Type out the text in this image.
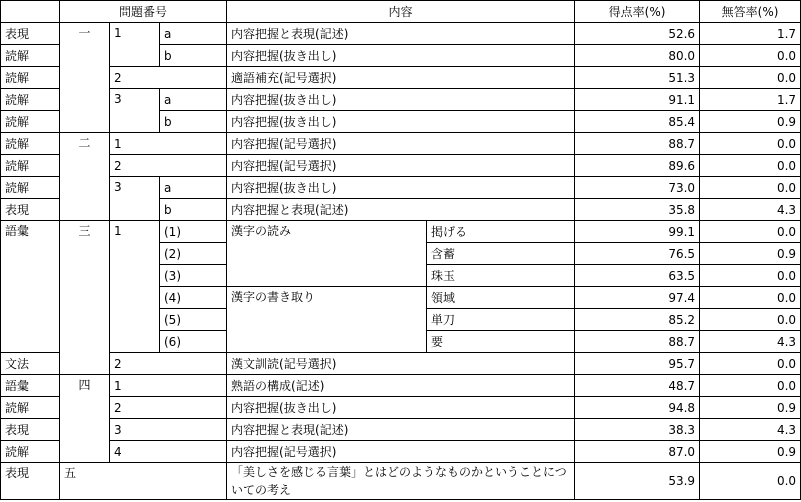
	問題番号			内容		得点率(%)	無答率(%)
表現	一	1	a	内容把握と表現(記述)		52.6	1.7
読解			b	内容把握(抜き出し)		80.0	0.0
読解		2		適語補充(記号選択)		51.3	0.0
読解		3	a	内容把握(抜き出し)		91.1	1.7
読解			b	内容把握(抜き出し)		85.4	0.9
読解	二	1		内容把握(記号選択)		88.7	0.0
読解		2		内容把握(記号選択)		89.6	0.0
読解		3	a	内容把握(抜き出し)		73.0	0.0
表現			b	内容把握と表現(記述)		35.8	4.3
語彙	三	1	(1)	漢字の読み	掲げる	99.1	0.0
			(2)		含蓄	76.5	0.9
			(3)		珠玉	63.5	0.0
			(4)	漢字の書き取り	領域	97.4	0.0
			(5)		単刀	85.2	0.0
			(6)		要	88.7	4.3
文法		2		漢文訓読(記号選択)		95.7	0.0
語彙	四	1		熟語の構成(記述)		48.7	0.0
読解		2		内容把握(抜き出し)		94.8	0.9
表現		3		内容把握と表現(記述)		38.3	4.3
読解		4		内容把握(記号選択)		87.0	0.9
表現	五			「美しさを感じる言葉」とはどのようなものかということについての考え		53.9	0.0
